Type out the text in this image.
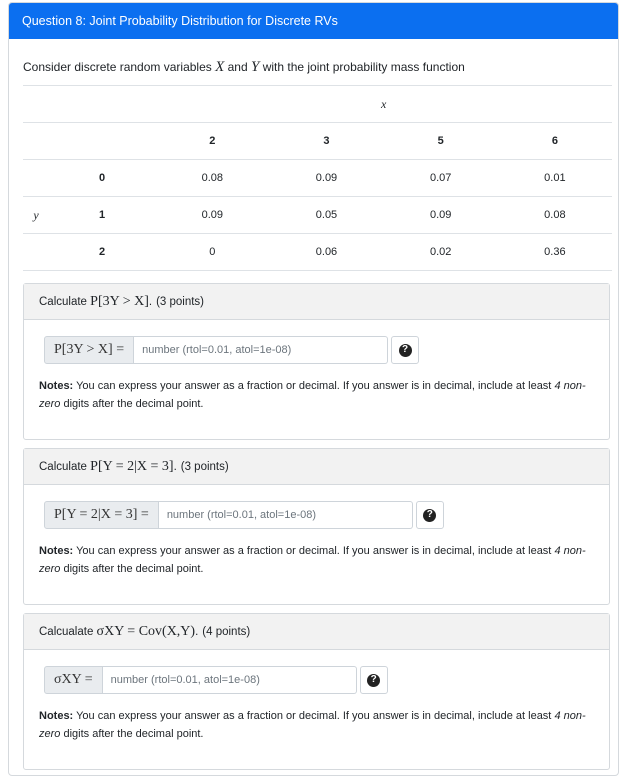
Question 8: Joint Probability Distribution for Discrete RVs
Consider discrete random variables X and Y with the joint probability mass function
		x			
		2	3	5	6
	0	0.08	0.09	0.07	0.01
y	1	0.09	0.05	0.09	0.08
	2	0	0.06	0.02	0.36
Calculate
P[3Y > X] . (3 points)
P[3Y > X] =
number (rtol=0.01, atol=1e-08)	?
Notes: You can express your answer as a fraction or decimal. If you answer is in decimal, include at least 4 non-zero digits after the decimal point.
Calculate
P[Y = 2|X = 3] . (3 points)
P[Y = 2|X = 3] =
number (rtol=0.01, atol=1e-08)	?
Notes: You can express your answer as a fraction or decimal. If you answer is in decimal, include at least 4 non-zero digits after the decimal point.
Calcualate
σXY = Cov(X,Y) . (4 points)
σXY =
number (rtol=0.01, atol=1e-08)	?
Notes: You can express your answer as a fraction or decimal. If you answer is in decimal, include at least 4 non-zero digits after the decimal point.
